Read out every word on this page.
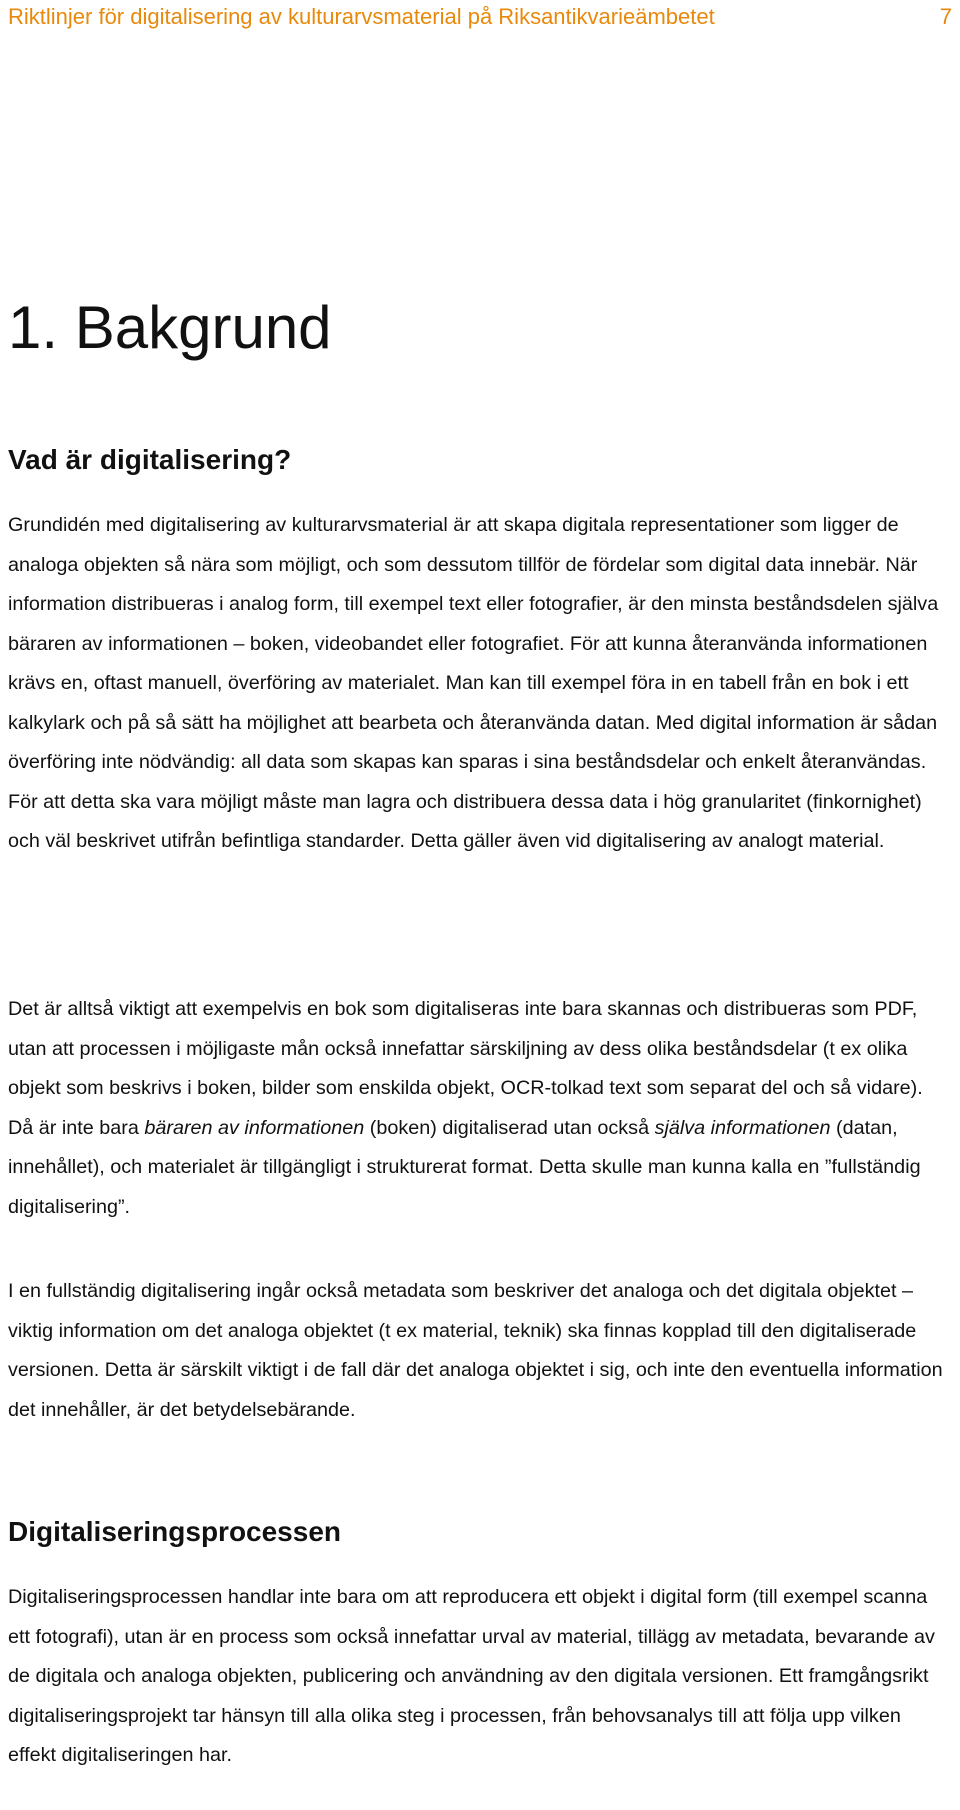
Riktlinjer för digitalisering av kulturarvsmaterial på Riksantikvarieämbetet	7
1. Bakgrund
Vad är digitalisering?

Grundidén med digitalisering av kulturarvsmaterial är att skapa digitala representationer som ligger de analoga objekten så nära som möjligt, och som dessutom tillför de fördelar som digital data innebär. När information distribueras i analog form, till exempel text eller fotografier, är den minsta beståndsdelen själva bäraren av informationen – boken, videobandet eller fotografiet. För att kunna återanvända informationen krävs en, oftast manuell, överföring av materialet. Man kan till exempel föra in en tabell från en bok i ett kalkylark och på så sätt ha möjlighet att bearbeta och återanvända datan. Med digital information är sådan överföring inte nödvändig: all data som skapas kan sparas i sina beståndsdelar och enkelt återanvändas. För att detta ska vara möjligt måste man lagra och distribuera dessa data i hög granularitet (finkornighet) och väl beskrivet utifrån befintliga standarder. Detta gäller även vid digitalisering av analogt material.

Det är alltså viktigt att exempelvis en bok som digitaliseras inte bara skannas och distribueras som PDF, utan att processen i möjligaste mån också innefattar särskiljning av dess olika beståndsdelar (t ex olika objekt som beskrivs i boken, bilder som enskilda objekt, OCR-tolkad text som separat del och så vidare). Då är inte bara bäraren av informationen (boken) digitaliserad utan också själva informationen (datan, innehållet), och materialet är tillgängligt i strukturerat format. Detta skulle man kunna kalla en ”fullständig digitalisering”.

I en fullständig digitalisering ingår också metadata som beskriver det analoga och det digitala objektet – viktig information om det analoga objektet (t ex material, teknik) ska finnas kopplad till den digitaliserade versionen. Detta är särskilt viktigt i de fall där det analoga objektet i sig, och inte den eventuella information det innehåller, är det betydelsebärande.

Digitaliseringsprocessen

Digitaliseringsprocessen handlar inte bara om att reproducera ett objekt i digital form (till exempel scanna ett fotografi), utan är en process som också innefattar urval av material, tillägg av metadata, bevarande av de digitala och analoga objekten, publicering och användning av den digitala versionen. Ett framgångsrikt digitaliseringsprojekt tar hänsyn till alla olika steg i processen, från behovsanalys till att följa upp vilken effekt digitaliseringen har.
